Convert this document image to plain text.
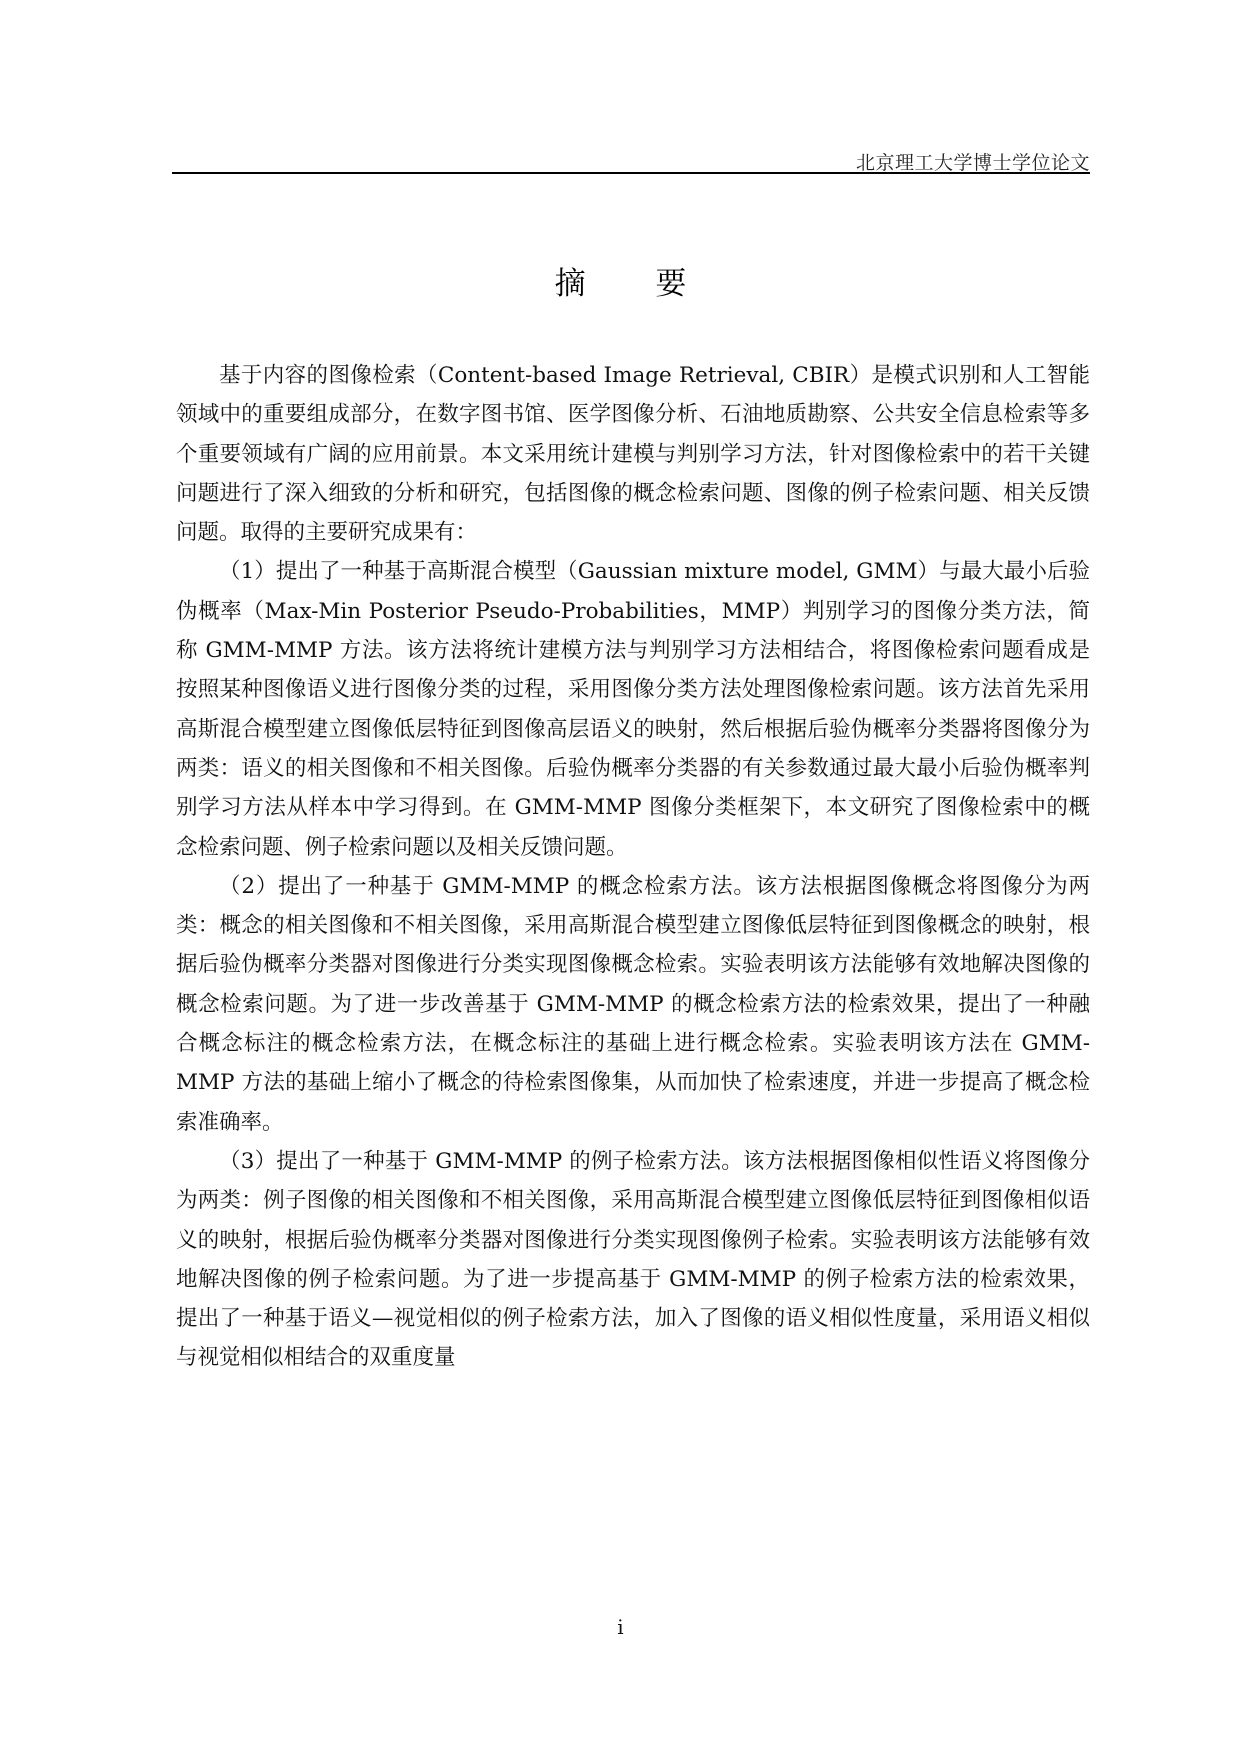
北京理工大学博士学位论文
摘 要

基于内容的图像检索（Content-based Image Retrieval, CBIR）是模式识别和人工智能领域中的重要组成部分，在数字图书馆、医学图像分析、石油地质勘察、公共安全信息检索等多个重要领域有广阔的应用前景。本文采用统计建模与判别学习方法，针对图像检索中的若干关键问题进行了深入细致的分析和研究，包括图像的概念检索问题、图像的例子检索问题、相关反馈问题。取得的主要研究成果有：

（1）提出了一种基于高斯混合模型（Gaussian mixture model, GMM）与最大最小后验伪概率（Max-Min Posterior Pseudo-Probabilities，MMP）判别学习的图像分类方法，简称 GMM-MMP 方法。该方法将统计建模方法与判别学习方法相结合，将图像检索问题看成是按照某种图像语义进行图像分类的过程，采用图像分类方法处理图像检索问题。该方法首先采用高斯混合模型建立图像低层特征到图像高层语义的映射，然后根据后验伪概率分类器将图像分为两类：语义的相关图像和不相关图像。后验伪概率分类器的有关参数通过最大最小后验伪概率判别学习方法从样本中学习得到。在 GMM-MMP 图像分类框架下，本文研究了图像检索中的概念检索问题、例子检索问题以及相关反馈问题。

（2）提出了一种基于 GMM-MMP 的概念检索方法。该方法根据图像概念将图像分为两类：概念的相关图像和不相关图像，采用高斯混合模型建立图像低层特征到图像概念的映射，根据后验伪概率分类器对图像进行分类实现图像概念检索。实验表明该方法能够有效地解决图像的概念检索问题。为了进一步改善基于 GMM-MMP 的概念检索方法的检索效果，提出了一种融合概念标注的概念检索方法，在概念标注的基础上进行概念检索。实验表明该方法在 GMM-MMP 方法的基础上缩小了概念的待检索图像集，从而加快了检索速度，并进一步提高了概念检索准确率。

（3）提出了一种基于 GMM-MMP 的例子检索方法。该方法根据图像相似性语义将图像分为两类：例子图像的相关图像和不相关图像，采用高斯混合模型建立图像低层特征到图像相似语义的映射，根据后验伪概率分类器对图像进行分类实现图像例子检索。实验表明该方法能够有效地解决图像的例子检索问题。为了进一步提高基于 GMM-MMP 的例子检索方法的检索效果，提出了一种基于语义—视觉相似的例子检索方法，加入了图像的语义相似性度量，采用语义相似与视觉相似相结合的双重度量

i
